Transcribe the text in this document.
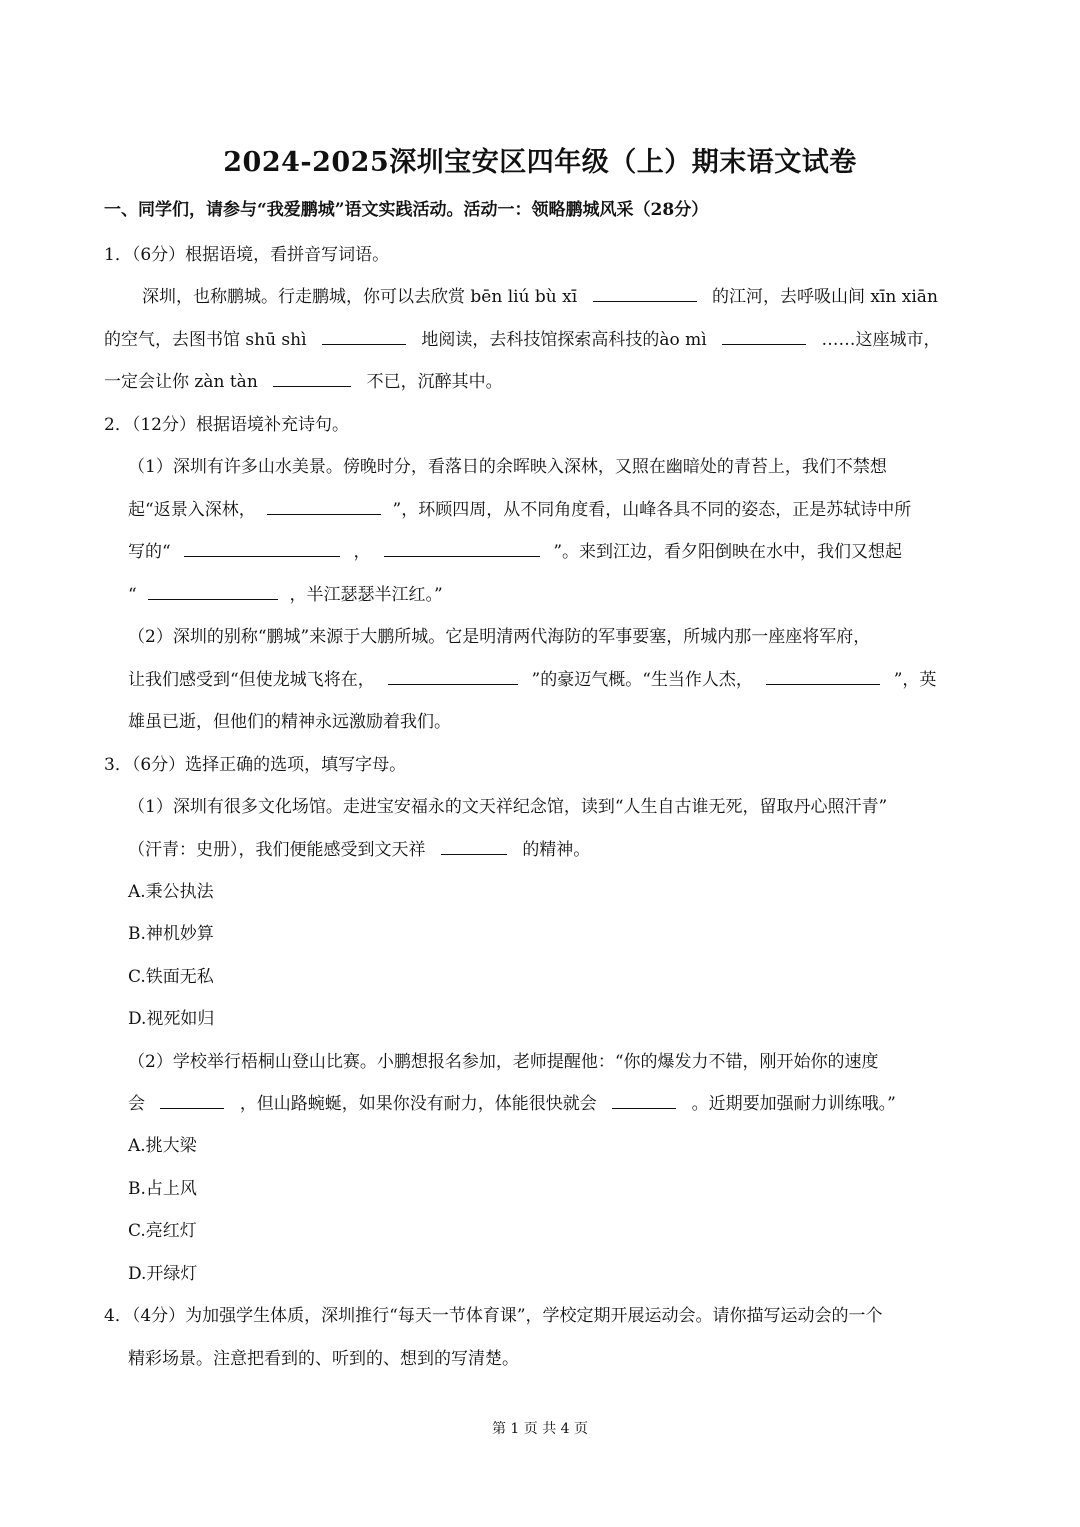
2024-2025深圳宝安区四年级（上）期末语文试卷
一、同学们，请参与“我爱鹏城”语文实践活动。活动一：领略鹏城风采（28分）
1．（6分）根据语境，看拼音写词语。
深圳，也称鹏城。行走鹏城，你可以去欣赏 bēn liú bù xī	的江河，去呼吸山间 xīn xiān
的空气，去图书馆 shū shì	地阅读，去科技馆探索高科技的ào mì	……这座城市，
一定会让你 zàn tàn	不已，沉醉其中。
2．（12分）根据语境补充诗句。
（1）深圳有许多山水美景。傍晚时分，看落日的余晖映入深林，又照在幽暗处的青苔上，我们不禁想
起“返景入深林，	”，环顾四周，从不同角度看，山峰各具不同的姿态，正是苏轼诗中所
写的“	，	”。来到江边，看夕阳倒映在水中，我们又想起
“	，半江瑟瑟半江红。”
（2）深圳的别称“鹏城”来源于大鹏所城。它是明清两代海防的军事要塞，所城内那一座座将军府，
让我们感受到“但使龙城飞将在，	”的豪迈气概。“生当作人杰，	”，英
雄虽已逝，但他们的精神永远激励着我们。
3．（6分）选择正确的选项，填写字母。
（1）深圳有很多文化场馆。走进宝安福永的文天祥纪念馆，读到“人生自古谁无死，留取丹心照汗青”
（汗青：史册），我们便能感受到文天祥	的精神。
A.秉公执法
B.神机妙算
C.铁面无私
D.视死如归
（2）学校举行梧桐山登山比赛。小鹏想报名参加，老师提醒他：“你的爆发力不错，刚开始你的速度
会	，但山路蜿蜒，如果你没有耐力，体能很快就会	。近期要加强耐力训练哦。”
A.挑大梁
B.占上风
C.亮红灯
D.开绿灯
4．（4分）为加强学生体质，深圳推行“每天一节体育课”，学校定期开展运动会。请你描写运动会的一个
精彩场景。注意把看到的、听到的、想到的写清楚。
第 1 页 共 4 页
